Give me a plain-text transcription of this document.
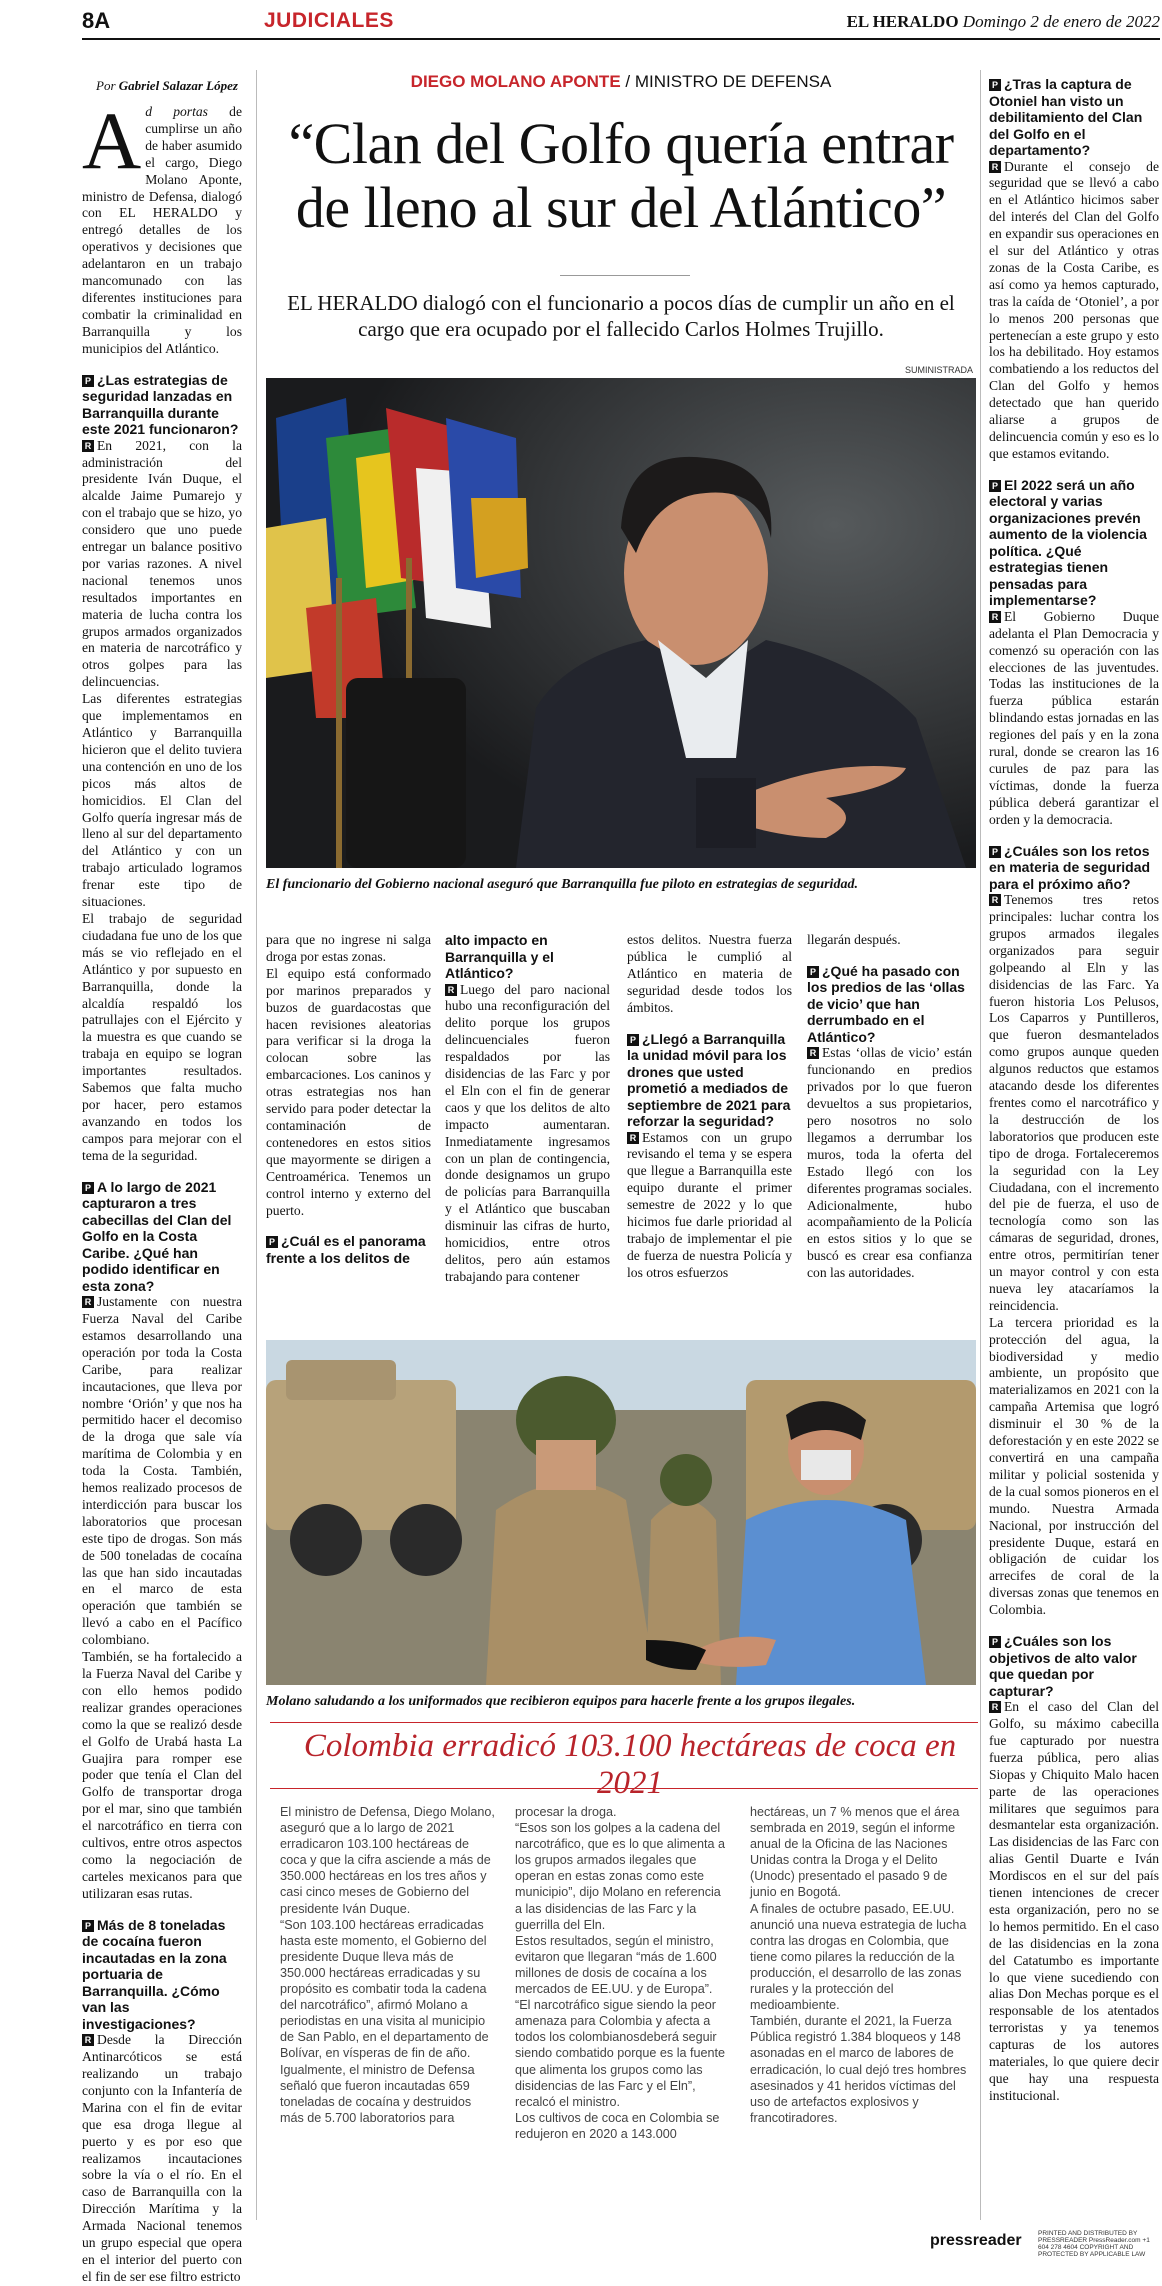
8A	JUDICIALES	EL HERALDO Domingo 2 de enero de 2022
Por Gabriel Salazar López

Ad portas de cumplirse un año de haber asumido el cargo, Diego Molano Aponte, ministro de Defensa, dialogó con EL HERALDO y entregó detalles de los operativos y decisiones que adelantaron en un trabajo mancomunado con las diferentes instituciones para combatir la criminalidad en Barranquilla y los municipios del Atlántico.

P ¿Las estrategias de seguridad lanzadas en Barranquilla durante este 2021 funcionaron?

R En 2021, con la administración del presidente Iván Duque, el alcalde Jaime Pumarejo y con el trabajo que se hizo, yo considero que uno puede entregar un balance positivo por varias razones. A nivel nacional tenemos unos resultados importantes en materia de lucha contra los grupos armados organizados en materia de narcotráfico y otros golpes para las delincuencias.

Las diferentes estrategias que implementamos en Atlántico y Barranquilla hicieron que el delito tuviera una contención en uno de los picos más altos de homicidios. El Clan del Golfo quería ingresar más de lleno al sur del departamento del Atlántico y con un trabajo articulado logramos frenar este tipo de situaciones.

El trabajo de seguridad ciudadana fue uno de los que más se vio reflejado en el Atlántico y por supuesto en Barranquilla, donde la alcaldía respaldó los patrullajes con el Ejército y la muestra es que cuando se trabaja en equipo se logran importantes resultados. Sabemos que falta mucho por hacer, pero estamos avanzando en todos los campos para mejorar con el tema de la seguridad.

P A lo largo de 2021 capturaron a tres cabecillas del Clan del Golfo en la Costa Caribe. ¿Qué han podido identificar en esta zona?

R Justamente con nuestra Fuerza Naval del Caribe estamos desarrollando una operación por toda la Costa Caribe, para realizar incautaciones, que lleva por nombre ‘Orión’ y que nos ha permitido hacer el decomiso de la droga que sale vía marítima de Colombia y en toda la Costa. También, hemos realizado procesos de interdicción para buscar los laboratorios que procesan este tipo de drogas. Son más de 500 toneladas de cocaína las que han sido incautadas en el marco de esta operación que también se llevó a cabo en el Pacífico colombiano.

También, se ha fortalecido a la Fuerza Naval del Caribe y con ello hemos podido realizar grandes operaciones como la que se realizó desde el Golfo de Urabá hasta La Guajira para romper ese poder que tenía el Clan del Golfo de transportar droga por el mar, sino que también el narcotráfico en tierra con cultivos, entre otros aspectos como la negociación de carteles mexicanos para que utilizaran esas rutas.

P Más de 8 toneladas de cocaína fueron incautadas en la zona portuaria de Barranquilla. ¿Cómo van las investigaciones?

R Desde la Dirección Antinarcóticos se está realizando un trabajo conjunto con la Infantería de Marina con el fin de evitar que esa droga llegue al puerto y es por eso que realizamos incautaciones sobre la vía o el río. En el caso de Barranquilla con la Dirección Marítima y la Armada Nacional tenemos un grupo especial que opera en el interior del puerto con el fin de ser ese filtro estricto

DIEGO MOLANO APONTE / MINISTRO DE DEFENSA
“Clan del Golfo quería entrar de lleno al sur del Atlántico”
EL HERALDO dialogó con el funcionario a pocos días de cumplir un año en el cargo que era ocupado por el fallecido Carlos Holmes Trujillo.
SUMINISTRADA
El funcionario del Gobierno nacional aseguró que Barranquilla fue piloto en estrategias de seguridad.

para que no ingrese ni salga droga por estas zonas.

El equipo está conformado por marinos preparados y buzos de guardacostas que hacen revisiones aleatorias para verificar si la droga la colocan sobre las embarcaciones. Los caninos y otras estrategias nos han servido para poder detectar la contaminación de contenedores en estos sitios que mayormente se dirigen a Centroamérica. Tenemos un control interno y externo del puerto.

P ¿Cuál es el panorama frente a los delitos de

alto impacto en Barranquilla y el Atlántico?

R Luego del paro nacional hubo una reconfiguración del delito porque los grupos delincuenciales fueron respaldados por las disidencias de las Farc y por el Eln con el fin de generar caos y que los delitos de alto impacto aumentaran. Inmediatamente ingresamos con un plan de contingencia, donde designamos un grupo de policías para Barranquilla y el Atlántico que buscaban disminuir las cifras de hurto, homicidios, entre otros delitos, pero aún estamos trabajando para contener

estos delitos. Nuestra fuerza pública le cumplió al Atlántico en materia de seguridad desde todos los ámbitos.

P ¿Llegó a Barranquilla la unidad móvil para los drones que usted prometió a mediados de septiembre de 2021 para reforzar la seguridad?

R Estamos con un grupo revisando el tema y se espera que llegue a Barranquilla este equipo durante el primer semestre de 2022 y lo que hicimos fue darle prioridad al trabajo de implementar el pie de fuerza de nuestra Policía y los otros esfuerzos

llegarán después.

P ¿Qué ha pasado con los predios de las ‘ollas de vicio’ que han derrumbado en el Atlántico?

R Estas ‘ollas de vicio’ están funcionando en predios privados por lo que fueron devueltos a sus propietarios, pero nosotros no solo llegamos a derrumbar los muros, toda la oferta del Estado llegó con los diferentes programas sociales. Adicionalmente, hubo acompañamiento de la Policía en estos sitios y lo que se buscó es crear esa confianza con las autoridades.

Molano saludando a los uniformados que recibieron equipos para hacerle frente a los grupos ilegales.
Colombia erradicó 103.100 hectáreas de coca en 2021

El ministro de Defensa, Diego Molano, aseguró que a lo largo de 2021 erradicaron 103.100 hectáreas de coca y que la cifra asciende a más de 350.000 hectáreas en los tres años y casi cinco meses de Gobierno del presidente Iván Duque.

“Son 103.100 hectáreas erradicadas hasta este momento, el Gobierno del presidente Duque lleva más de 350.000 hectáreas erradicadas y su propósito es combatir toda la cadena del narcotráfico”, afirmó Molano a periodistas en una visita al municipio de San Pablo, en el departamento de Bolívar, en vísperas de fin de año.

Igualmente, el ministro de Defensa señaló que fueron incautadas 659 toneladas de cocaína y destruidos más de 5.700 laboratorios para

procesar la droga.

“Esos son los golpes a la cadena del narcotráfico, que es lo que alimenta a los grupos armados ilegales que operan en estas zonas como este municipio”, dijo Molano en referencia a las disidencias de las Farc y la guerrilla del Eln.

Estos resultados, según el ministro, evitaron que llegaran “más de 1.600 millones de dosis de cocaína a los mercados de EE.UU. y de Europa”.

“El narcotráfico sigue siendo la peor amenaza para Colombia y afecta a todos los colombianosdeberá seguir siendo combatido porque es la fuente que alimenta los grupos como las disidencias de las Farc y el Eln”, recalcó el ministro.

Los cultivos de coca en Colombia se redujeron en 2020 a 143.000

hectáreas, un 7 % menos que el área sembrada en 2019, según el informe anual de la Oficina de las Naciones Unidas contra la Droga y el Delito (Unodc) presentado el pasado 9 de junio en Bogotá.

A finales de octubre pasado, EE.UU. anunció una nueva estrategia de lucha contra las drogas en Colombia, que tiene como pilares la reducción de la producción, el desarrollo de las zonas rurales y la protección del medioambiente.

También, durante el 2021, la Fuerza Pública registró 1.384 bloqueos y 148 asonadas en el marco de labores de erradicación, lo cual dejó tres hombres asesinados y 41 heridos víctimas del uso de artefactos explosivos y francotiradores.

P ¿Tras la captura de Otoniel han visto un debilitamiento del Clan del Golfo en el departamento?

R Durante el consejo de seguridad que se llevó a cabo en el Atlántico hicimos saber del interés del Clan del Golfo en expandir sus operaciones en el sur del Atlántico y otras zonas de la Costa Caribe, es así como ya hemos capturado, tras la caída de ‘Otoniel’, a por lo menos 200 personas que pertenecían a este grupo y esto los ha debilitado. Hoy estamos combatiendo a los reductos del Clan del Golfo y hemos detectado que han querido aliarse a grupos de delincuencia común y eso es lo que estamos evitando.

P El 2022 será un año electoral y varias organizaciones prevén aumento de la violencia política. ¿Qué estrategias tienen pensadas para implementarse?

R El Gobierno Duque adelanta el Plan Democracia y comenzó su operación con las elecciones de las juventudes. Todas las instituciones de la fuerza pública estarán blindando estas jornadas en las regiones del país y en la zona rural, donde se crearon las 16 curules de paz para las víctimas, donde la fuerza pública deberá garantizar el orden y la democracia.

P ¿Cuáles son los retos en materia de seguridad para el próximo año?

R Tenemos tres retos principales: luchar contra los grupos armados ilegales organizados para seguir golpeando al Eln y las disidencias de las Farc. Ya fueron historia Los Pelusos, Los Caparros y Puntilleros, que fueron desmantelados como grupos aunque queden algunos reductos que estamos atacando desde los diferentes frentes como el narcotráfico y la destrucción de los laboratorios que producen este tipo de droga. Fortaleceremos la seguridad con la Ley Ciudadana, con el incremento del pie de fuerza, el uso de tecnología como son las cámaras de seguridad, drones, entre otros, permitirían tener un mayor control y con esta nueva ley atacaríamos la reincidencia.

La tercera prioridad es la protección del agua, la biodiversidad y medio ambiente, un propósito que materializamos en 2021 con la campaña Artemisa que logró disminuir el 30 % de la deforestación y en este 2022 se convertirá en una campaña militar y policial sostenida y de la cual somos pioneros en el mundo. Nuestra Armada Nacional, por instrucción del presidente Duque, estará en obligación de cuidar los arrecifes de coral de la diversas zonas que tenemos en Colombia.

P ¿Cuáles son los objetivos de alto valor que quedan por capturar?

R En el caso del Clan del Golfo, su máximo cabecilla fue capturado por nuestra fuerza pública, pero alias Siopas y Chiquito Malo hacen parte de las operaciones militares que seguimos para desmantelar esta organización. Las disidencias de las Farc con alias Gentil Duarte e Iván Mordiscos en el sur del país tienen intenciones de crecer esta organización, pero no se lo hemos permitido. En el caso de las disidencias en la zona del Catatumbo es importante lo que viene sucediendo con alias Don Mechas porque es el responsable de los atentados terroristas y ya tenemos capturas de los autores materiales, lo que quiere decir que hay una respuesta institucional.

pressreader	PRINTED AND DISTRIBUTED BY PRESSREADER PressReader.com +1 604 278 4604 COPYRIGHT AND PROTECTED BY APPLICABLE LAW
